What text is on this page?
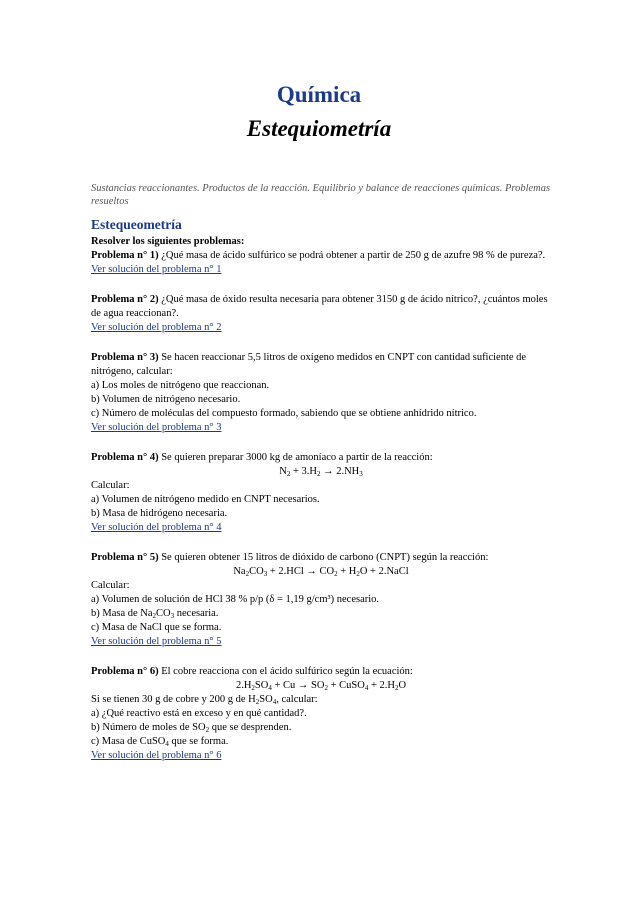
Química
Estequiometría

Sustancias reaccionantes. Productos de la reacción. Equilibrio y balance de reacciones químicas. Problemas resueltos

Estequeometría

Resolver los siguientes problemas:

Problema n° 1) ¿Qué masa de ácido sulfúrico se podrá obtener a partir de 250 g de azufre 98 % de pureza?.

Ver solución del problema n° 1

Problema n° 2) ¿Qué masa de óxido resulta necesaria para obtener 3150 g de ácido nítrico?, ¿cuántos moles de agua reaccionan?.

Ver solución del problema n° 2

Problema n° 3) Se hacen reaccionar 5,5 litros de oxígeno medidos en CNPT con cantidad suficiente de nitrógeno, calcular:

a) Los moles de nitrógeno que reaccionan.

b) Volumen de nitrógeno necesario.

c) Número de moléculas del compuesto formado, sabiendo que se obtiene anhídrido nítrico.

Ver solución del problema n° 3

Problema n° 4) Se quieren preparar 3000 kg de amoníaco a partir de la reacción:

$N_2 + 3.H_2 \to 2.NH_3$

Calcular:

a) Volumen de nitrógeno medido en CNPT necesarios.

b) Masa de hidrógeno necesaria.

Ver solución del problema n° 4

Problema n° 5) Se quieren obtener 15 litros de dióxido de carbono (CNPT) según la reacción:

$Na_2CO_3 + 2.HCl \to CO_2 + H_2O$ + 2.NaCl

Calcular:

a) Volumen de solución de HCl 38 % p/p (δ = 1,19 g/cm³) necesario.

b) Masa de $Na_2CO_3$ necesaria.

c) Masa de NaCl que se forma.

Ver solución del problema n° 5

Problema n° 6) El cobre reacciona con el ácido sulfúrico según la ecuación:

$2.H_2SO_4 + Cu \to SO_2$ + CuSO$_4$ + $2.H_2O$

Si se tienen 30 g de cobre y 200 g de $H_2SO_4$, calcular:

a) ¿Qué reactivo está en exceso y en qué cantidad?.

b) Número de moles de $SO_2$ que se desprenden.

c) Masa de CuSO$_4$ que se forma.

Ver solución del problema n° 6
